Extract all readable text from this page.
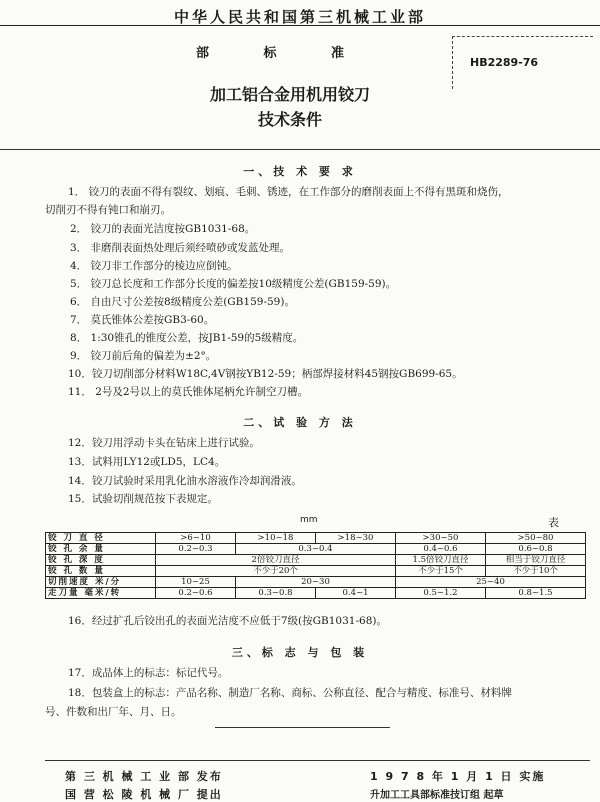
中华人民共和国第三机械工业部
部 标 准
HB2289-76
加工铝合金用机用铰刀
技术条件
一、技 术 要 求
1． 铰刀的表面不得有裂纹、划痕、毛刺、锈迹，在工作部分的磨削表面上不得有黑斑和烧伤，
切削刃不得有钝口和崩刃。
2． 铰刀的表面光洁度按GB1031-68。
3． 非磨削表面热处理后须经喷砂或发蓝处理。
4． 铰刀非工作部分的棱边应倒钝。
5． 铰刀总长度和工作部分长度的偏差按10级精度公差(GB159-59)。
6． 自由尺寸公差按8级精度公差(GB159-59)。
7． 莫氏锥体公差按GB3-60。
8． 1:30锥孔的锥度公差，按JB1-59的5级精度。
9． 铰刀前后角的偏差为±2°。
10．铰刀切削部分材料W18C,4V钢按YB12-59；柄部焊接材料45钢按GB699-65。
11． 2号及2号以上的莫氏锥体尾柄允许制空刀槽。
二、试 验 方 法
12．铰刀用浮动卡头在钻床上进行试验。
13．试料用LY12或LD5，LC4。
14．铰刀试验时采用乳化油水溶液作冷却润滑液。
15．试验切削规范按下表规定。
mm	表
铰 刀 直 径	>6~10	>10~18	>18~30	>30~50	>50~80
铰 孔 余 量	0.2~0.3	0.3~0.4		0.4~0.6	0.6~0.8
铰 孔 深 度	2倍铰刀直径			1.5倍铰刀直径	相当于铰刀直径
铰 孔 数 量	不少于20个			不少于15个	不少于10个
切削速度 米/分	10~25	20~30		25~40	
走刀量 毫米/转	0.2~0.6	0.3~0.8	0.4~1	0.5~1.2	0.8~1.5
16．经过扩孔后铰出孔的表面光洁度不应低于7级(按GB1031-68)。
三、标 志 与 包 装
17．成品体上的标志：标记代号。
18．包装盒上的标志：产品名称、制造厂名称、商标、公称直径、配合与精度、标准号、材料牌
号、件数和出厂年、月、日。
第 三 机 械 工 业 部 发布	1 9 7 8 年 1 月 1 日 实施
国 营 松 陵 机 械 厂 提出	升加工工具部标准技订组 起草
